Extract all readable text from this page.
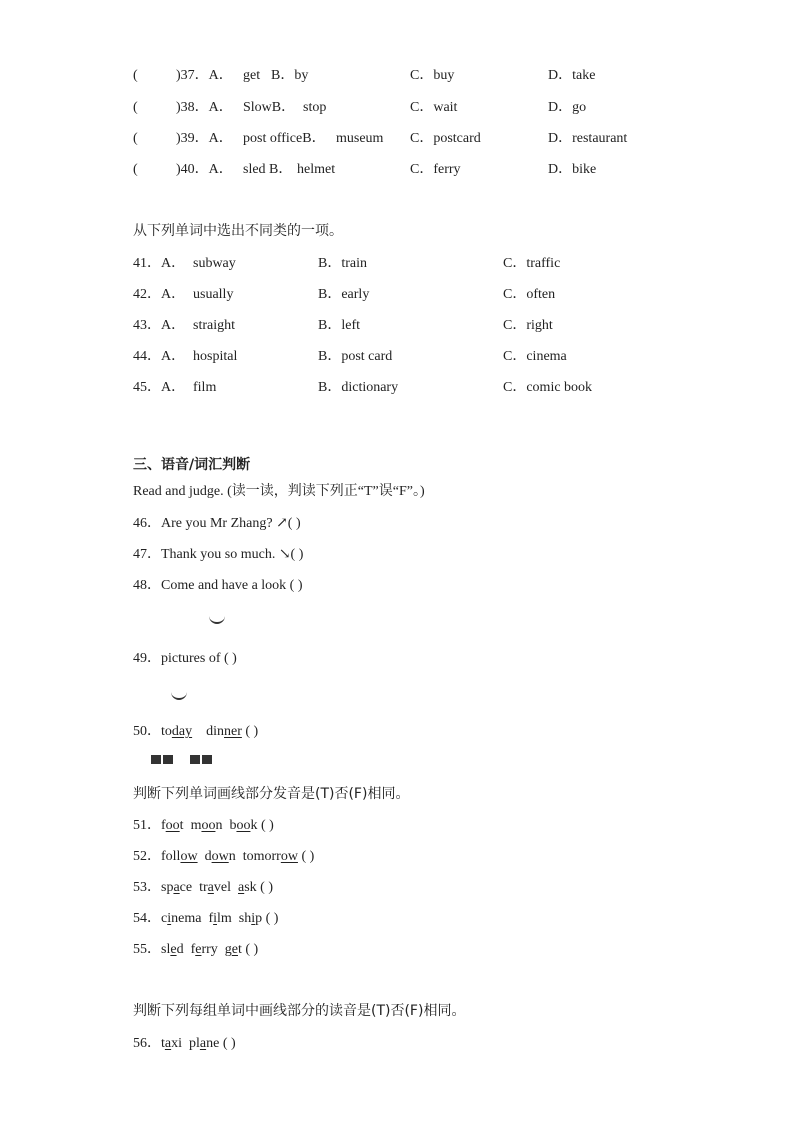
(	)37．A． get B．by	C．buy	D．take
(	)38．A． SlowB． stop	C．wait	D．go
(	)39．A． post officeB． museum C．postcard	D．restaurant
(	)40．A． sled B． helmet	C．ferry	D．bike
从下列单词中选出不同类的一项。
41．A． subway	B．train	C．traffic
42．A． usually	B．early	C．often
43．A． straight	B．left	C．right
44．A． hospital	B．post card	C．cinema
45．A． film	B．dictionary	C．comic book
三、语音/词汇判断
Read and judge. (读一读，判读下列正“T”误“F”。)
46．Are you Mr Zhang? ↗( )
47．Thank you so much. ↘( )
48．Come and have a look ( )
49．pictures of ( )
50．today dinner ( )
判断下列单词画线部分发音是(T)否(F)相同。
51．foot moon book ( )
52．follow down tomorrow ( )
53．space travel ask ( )
54．cinema film ship ( )
55．sled ferry get ( )
判断下列每组单词中画线部分的读音是(T)否(F)相同。
56．taxi plane ( )
